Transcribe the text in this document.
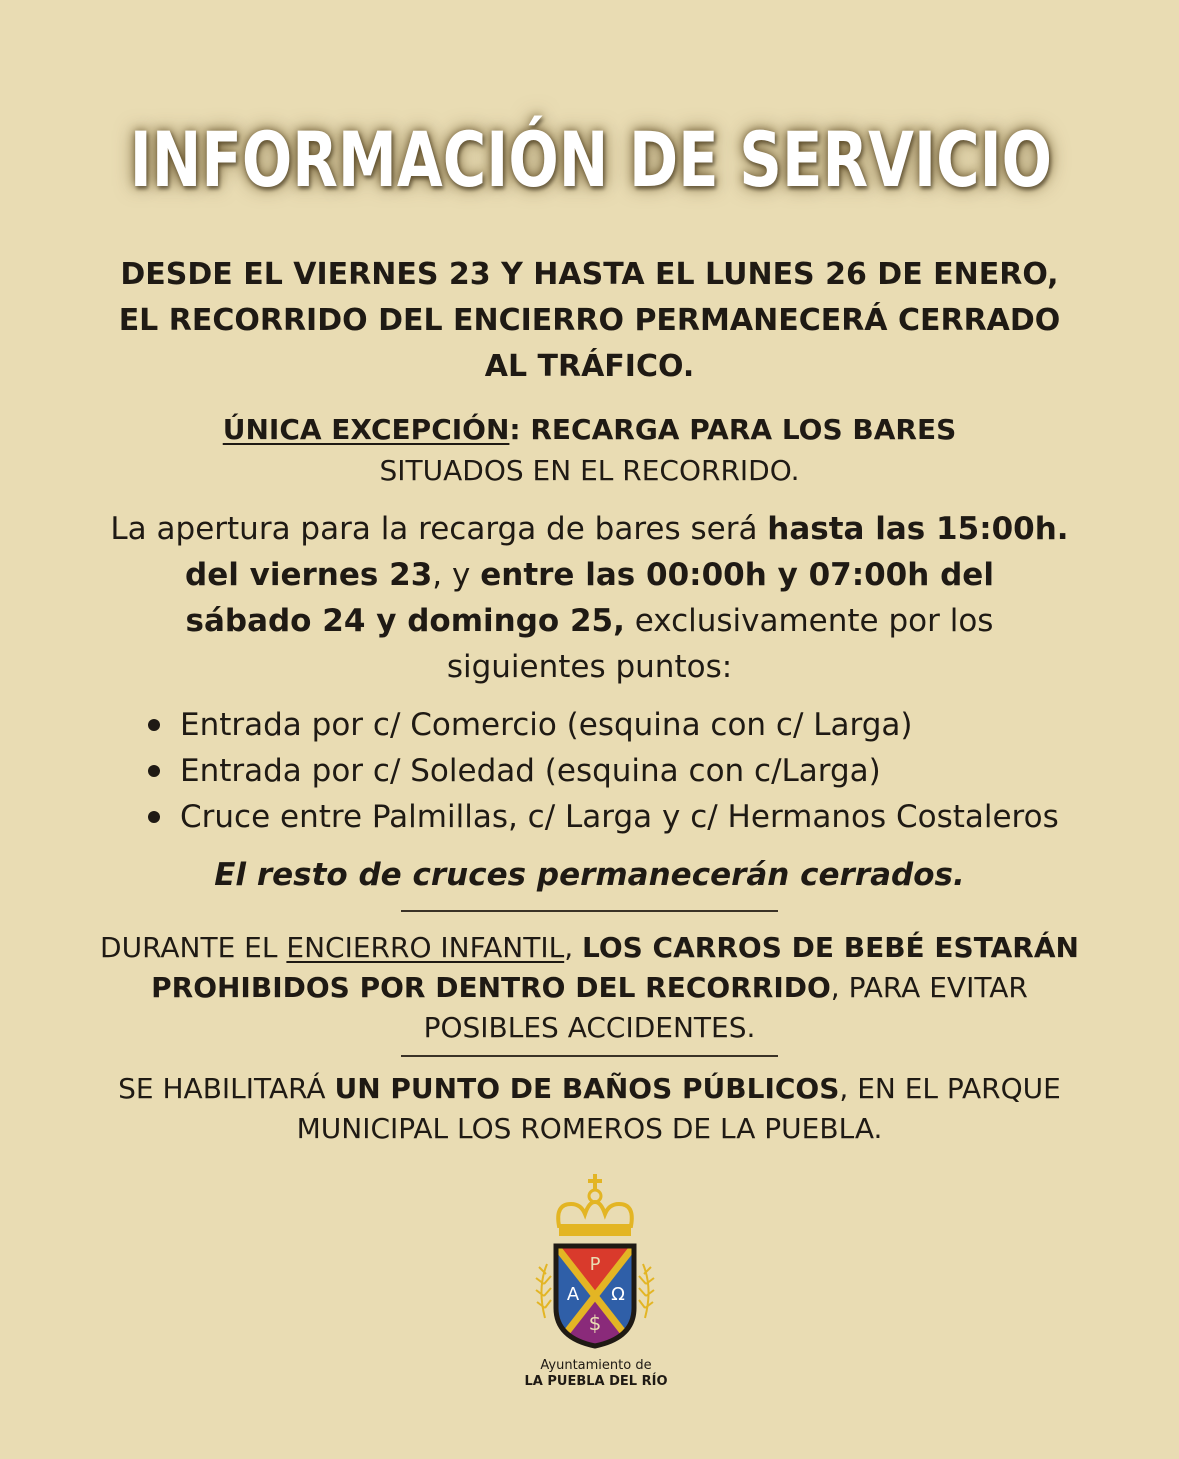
INFORMACIÓN DE SERVICIO
DESDE EL VIERNES 23 Y HASTA EL LUNES 26 DE ENERO,
EL RECORRIDO DEL ENCIERRO PERMANECERÁ CERRADO
AL TRÁFICO.
ÚNICA EXCEPCIÓN: RECARGA PARA LOS BARES
SITUADOS EN EL RECORRIDO.
La apertura para la recarga de bares será hasta las 15:00h.
del viernes 23, y entre las 00:00h y 07:00h del
sábado 24 y domingo 25, exclusivamente por los
siguientes puntos:
Entrada por c/ Comercio (esquina con c/ Larga)
Entrada por c/ Soledad (esquina con c/Larga)
Cruce entre Palmillas, c/ Larga y c/ Hermanos Costaleros
El resto de cruces permanecerán cerrados.
DURANTE EL ENCIERRO INFANTIL, LOS CARROS DE BEBÉ ESTARÁN
PROHIBIDOS POR DENTRO DEL RECORRIDO, PARA EVITAR
POSIBLES ACCIDENTES.
SE HABILITARÁ UN PUNTO DE BAÑOS PÚBLICOS, EN EL PARQUE
MUNICIPAL LOS ROMEROS DE LA PUEBLA.
P
A Ω
$
Ayuntamiento de
LA PUEBLA DEL RÍO
